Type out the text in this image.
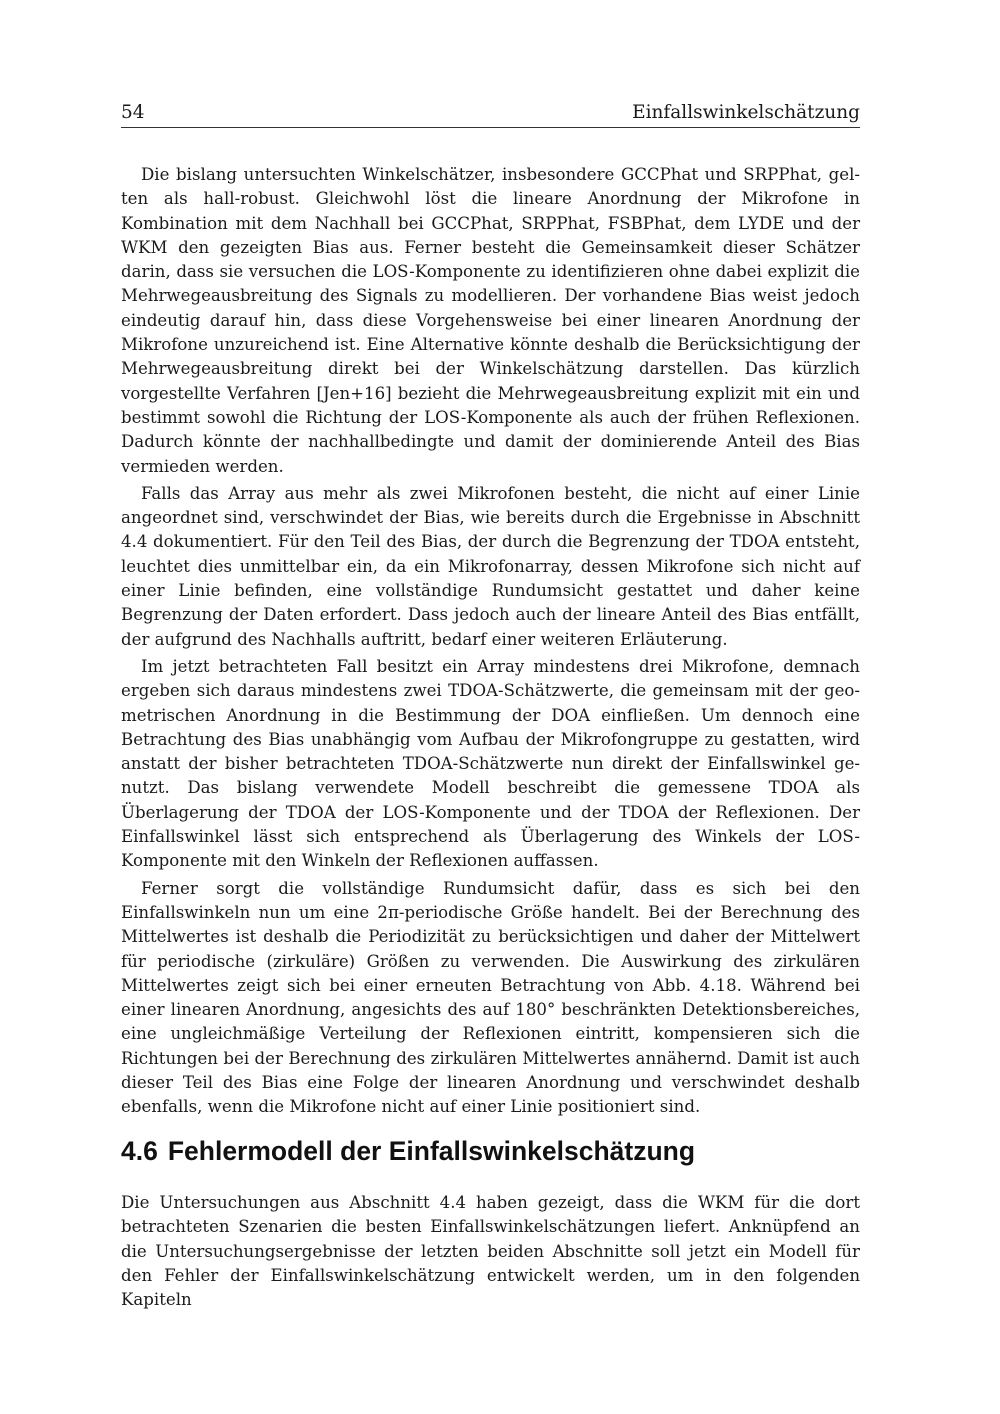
54	Einfallswinkelschätzung

Die bislang untersuchten Winkelschätzer, insbesondere GCCPhat und SRPPhat, gelten als hall-robust. Gleichwohl löst die lineare Anordnung der Mikrofone in Kombination mit dem Nachhall bei GCCPhat, SRPPhat, FSBPhat, dem LYDE und der WKM den gezeigten Bias aus. Ferner besteht die Gemeinsamkeit dieser Schätzer darin, dass sie versuchen die LOS-Komponente zu identifizieren ohne dabei explizit die Mehrwegeausbreitung des Signals zu modellieren. Der vorhandene Bias weist jedoch eindeutig darauf hin, dass diese Vorgehensweise bei einer linearen Anordnung der Mikrofone unzureichend ist. Eine Alternative könnte deshalb die Berücksichtigung der Mehrwegeausbreitung direkt bei der Winkelschätzung darstellen. Das kürzlich vorgestellte Verfahren [Jen+16] bezieht die Mehrwegeausbreitung explizit mit ein und bestimmt sowohl die Richtung der LOS-Komponente als auch der frühen Reflexionen. Dadurch könnte der nachhallbedingte und damit der dominierende Anteil des Bias vermieden werden.

Falls das Array aus mehr als zwei Mikrofonen besteht, die nicht auf einer Linie angeordnet sind, verschwindet der Bias, wie bereits durch die Ergebnisse in Abschnitt 4.4 dokumentiert. Für den Teil des Bias, der durch die Begrenzung der TDOA entsteht, leuchtet dies unmittelbar ein, da ein Mikrofonarray, dessen Mikrofone sich nicht auf einer Linie befinden, eine vollständige Rundumsicht gestattet und daher keine Begrenzung der Daten erfordert. Dass jedoch auch der lineare Anteil des Bias entfällt, der aufgrund des Nachhalls auftritt, bedarf einer weiteren Erläuterung.

Im jetzt betrachteten Fall besitzt ein Array mindestens drei Mikrofone, demnach ergeben sich daraus mindestens zwei TDOA-Schätzwerte, die gemeinsam mit der geometrischen Anordnung in die Bestimmung der DOA einfließen. Um dennoch eine Betrachtung des Bias unabhängig vom Aufbau der Mikrofongruppe zu gestatten, wird anstatt der bisher betrachteten TDOA-Schätzwerte nun direkt der Einfallswinkel genutzt. Das bislang verwendete Modell beschreibt die gemessene TDOA als Überlagerung der TDOA der LOS-Komponente und der TDOA der Reflexionen. Der Einfallswinkel lässt sich entsprechend als Überlagerung des Winkels der LOS-Komponente mit den Winkeln der Reflexionen auffassen.

Ferner sorgt die vollständige Rundumsicht dafür, dass es sich bei den Einfallswinkeln nun um eine 2π-periodische Größe handelt. Bei der Berechnung des Mittelwertes ist deshalb die Periodizität zu berücksichtigen und daher der Mittelwert für periodische (zirkuläre) Größen zu verwenden. Die Auswirkung des zirkulären Mittelwertes zeigt sich bei einer erneuten Betrachtung von Abb. 4.18. Während bei einer linearen Anordnung, angesichts des auf 180° beschränkten Detektionsbereiches, eine ungleichmäßige Verteilung der Reflexionen eintritt, kompensieren sich die Richtungen bei der Berechnung des zirkulären Mittelwertes annähernd. Damit ist auch dieser Teil des Bias eine Folge der linearen Anordnung und verschwindet deshalb ebenfalls, wenn die Mikrofone nicht auf einer Linie positioniert sind.

4.6 Fehlermodell der Einfallswinkelschätzung

Die Untersuchungen aus Abschnitt 4.4 haben gezeigt, dass die WKM für die dort betrachteten Szenarien die besten Einfallswinkelschätzungen liefert. Anknüpfend an die Untersuchungsergebnisse der letzten beiden Abschnitte soll jetzt ein Modell für den Fehler der Einfallswinkelschätzung entwickelt werden, um in den folgenden Kapiteln
